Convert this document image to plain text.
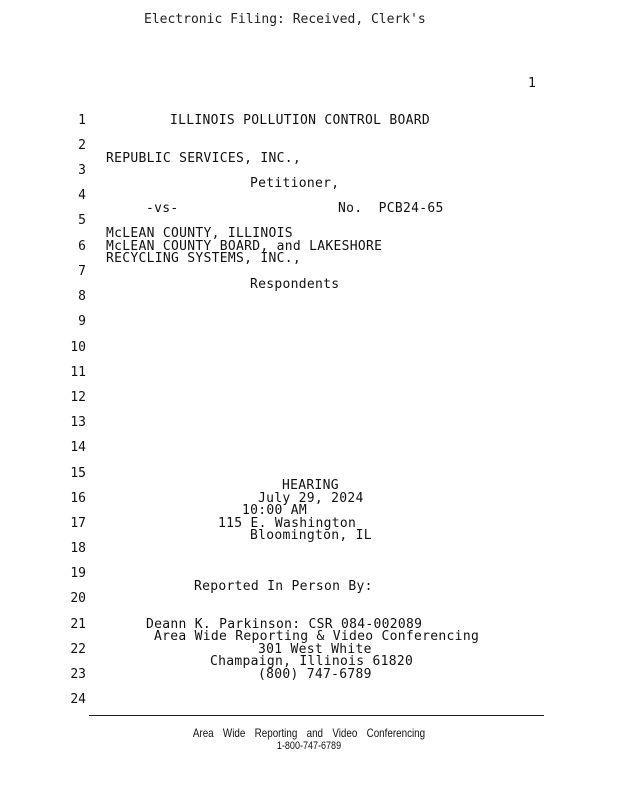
Electronic Filing: Received, Clerk's
1
1
2
3
4
5
6
7
8
9
10
11
12
13
14
15
16
17
18
19
20
21
22
23
24
ILLINOIS POLLUTION CONTROL BOARD
REPUBLIC SERVICES, INC.,
Petitioner,
-vs-	No.  PCB24-65
McLEAN COUNTY, ILLINOIS
McLEAN COUNTY BOARD, and LAKESHORE
RECYCLING SYSTEMS, INC.,
Respondents
HEARING
July 29, 2024
10:00 AM
115 E. Washington
Bloomington, IL
Reported In Person By:
Deann K. Parkinson: CSR 084-002089
Area Wide Reporting & Video Conferencing
301 West White
Champaign, Illinois 61820
(800) 747-6789
Area Wide Reporting and Video Conferencing
1-800-747-6789
